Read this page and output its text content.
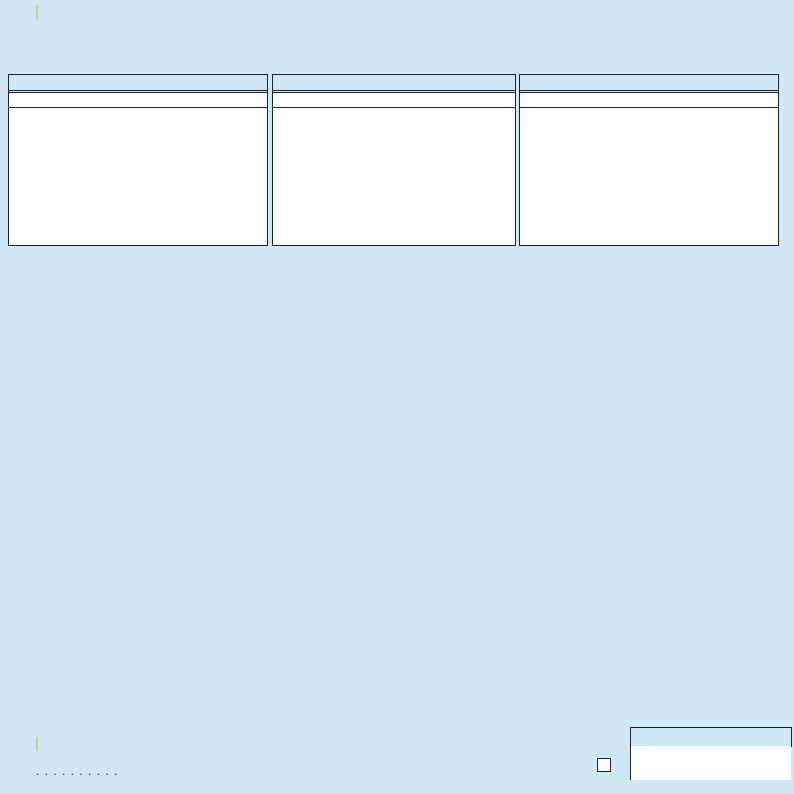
. . . . . . . . . .
